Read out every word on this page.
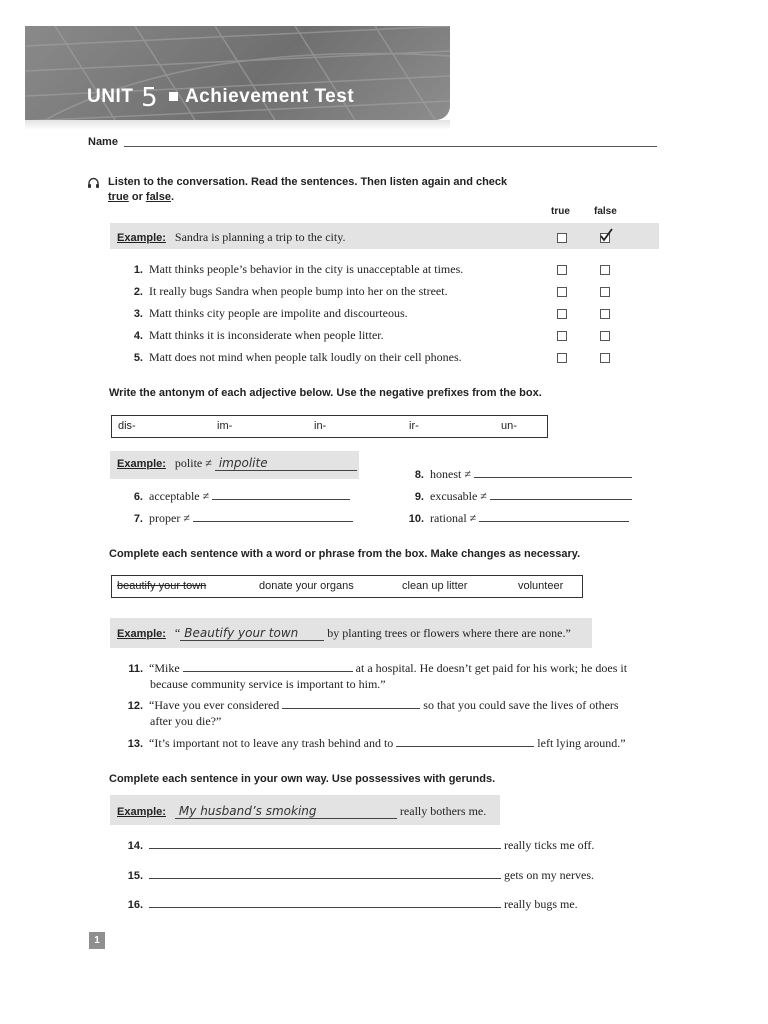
UNIT 5 Achievement Test
Name
Listen to the conversation. Read the sentences. Then listen again and check
true or false.
true false
Example: Sandra is planning a trip to the city.
1. Matt thinks people’s behavior in the city is unacceptable at times.
2. It really bugs Sandra when people bump into her on the street.
3. Matt thinks city people are impolite and discourteous.
4. Matt thinks it is inconsiderate when people litter.
5. Matt does not mind when people talk loudly on their cell phones.
Write the antonym of each adjective below. Use the negative prefixes from the box.
dis-	im-	in-	ir-	un-
Example: polite ≠ impolite
6. acceptable ≠
7. proper ≠
8. honest ≠
9. excusable ≠
10. rational ≠
Complete each sentence with a word or phrase from the box. Make changes as necessary.
beautify your town	donate your organs	clean up litter	volunteer
Example: “ Beautify your town by planting trees or flowers where there are none.”
11. “Mike	at a hospital. He doesn’t get paid for his work; he does it
because community service is important to him.”
12. “Have you ever considered	so that you could save the lives of others
after you die?”
13. “It’s important not to leave any trash behind and to	left lying around.”
Complete each sentence in your own way. Use possessives with gerunds.
Example: My husband’s smoking	really bothers me.
14.	really ticks me off.
15.	gets on my nerves.
16.	really bugs me.
1
